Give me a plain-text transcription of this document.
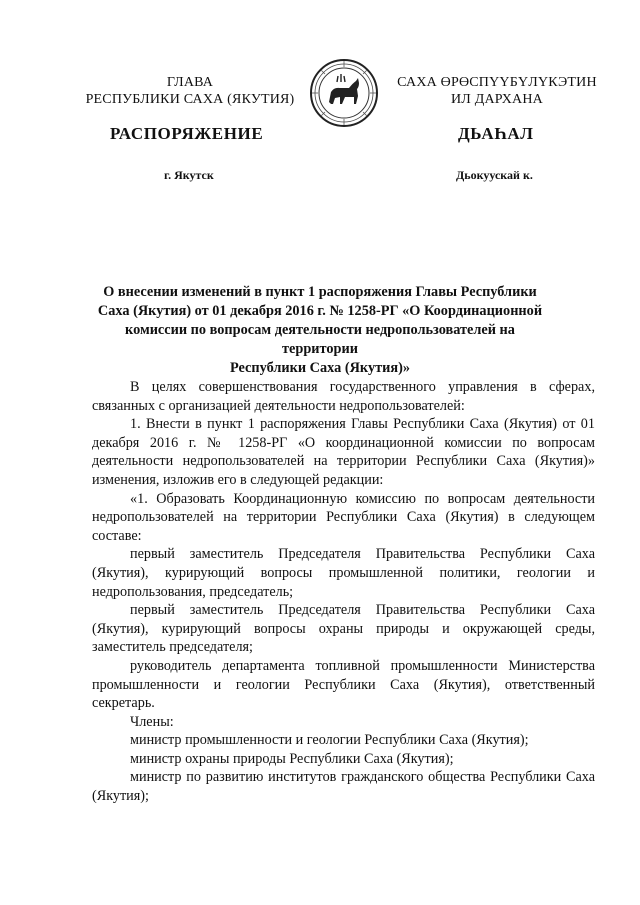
ГЛАВА
РЕСПУБЛИКИ САХА (ЯКУТИЯ)
САХА ӨРӨСПҮҮБҮЛҮКЭТИН
ИЛ ДАРХАНА
РАСПОРЯЖЕНИЕ	ДЬАҺАЛ
г. Якутск	Дьокуускай к.
О внесении изменений в пункт 1 распоряжения Главы Республики
Саха (Якутия) от 01 декабря 2016 г. № 1258-РГ «О Координационной
комиссии по вопросам деятельности недропользователей на территории
Республики Саха (Якутия)»

В целях совершенствования государственного управления в сферах, связанных с организацией деятельности недропользователей:

1. Внести в пункт 1 распоряжения Главы Республики Саха (Якутия) от 01 декабря 2016 г. № 1258-РГ «О координационной комиссии по вопросам деятельности недропользователей на территории Республики Саха (Якутия)» изменения, изложив его в следующей редакции:

«1. Образовать Координационную комиссию по вопросам деятельности недропользователей на территории Республики Саха (Якутия) в следующем составе:

первый заместитель Председателя Правительства Республики Саха (Якутия), курирующий вопросы промышленной политики, геологии и недропользования, председатель;

первый заместитель Председателя Правительства Республики Саха (Якутия), курирующий вопросы охраны природы и окружающей среды, заместитель председателя;

руководитель департамента топливной промышленности Министерства промышленности и геологии Республики Саха (Якутия), ответственный секретарь.

Члены:

министр промышленности и геологии Республики Саха (Якутия);

министр охраны природы Республики Саха (Якутия);

министр по развитию институтов гражданского общества Республики Саха (Якутия);
